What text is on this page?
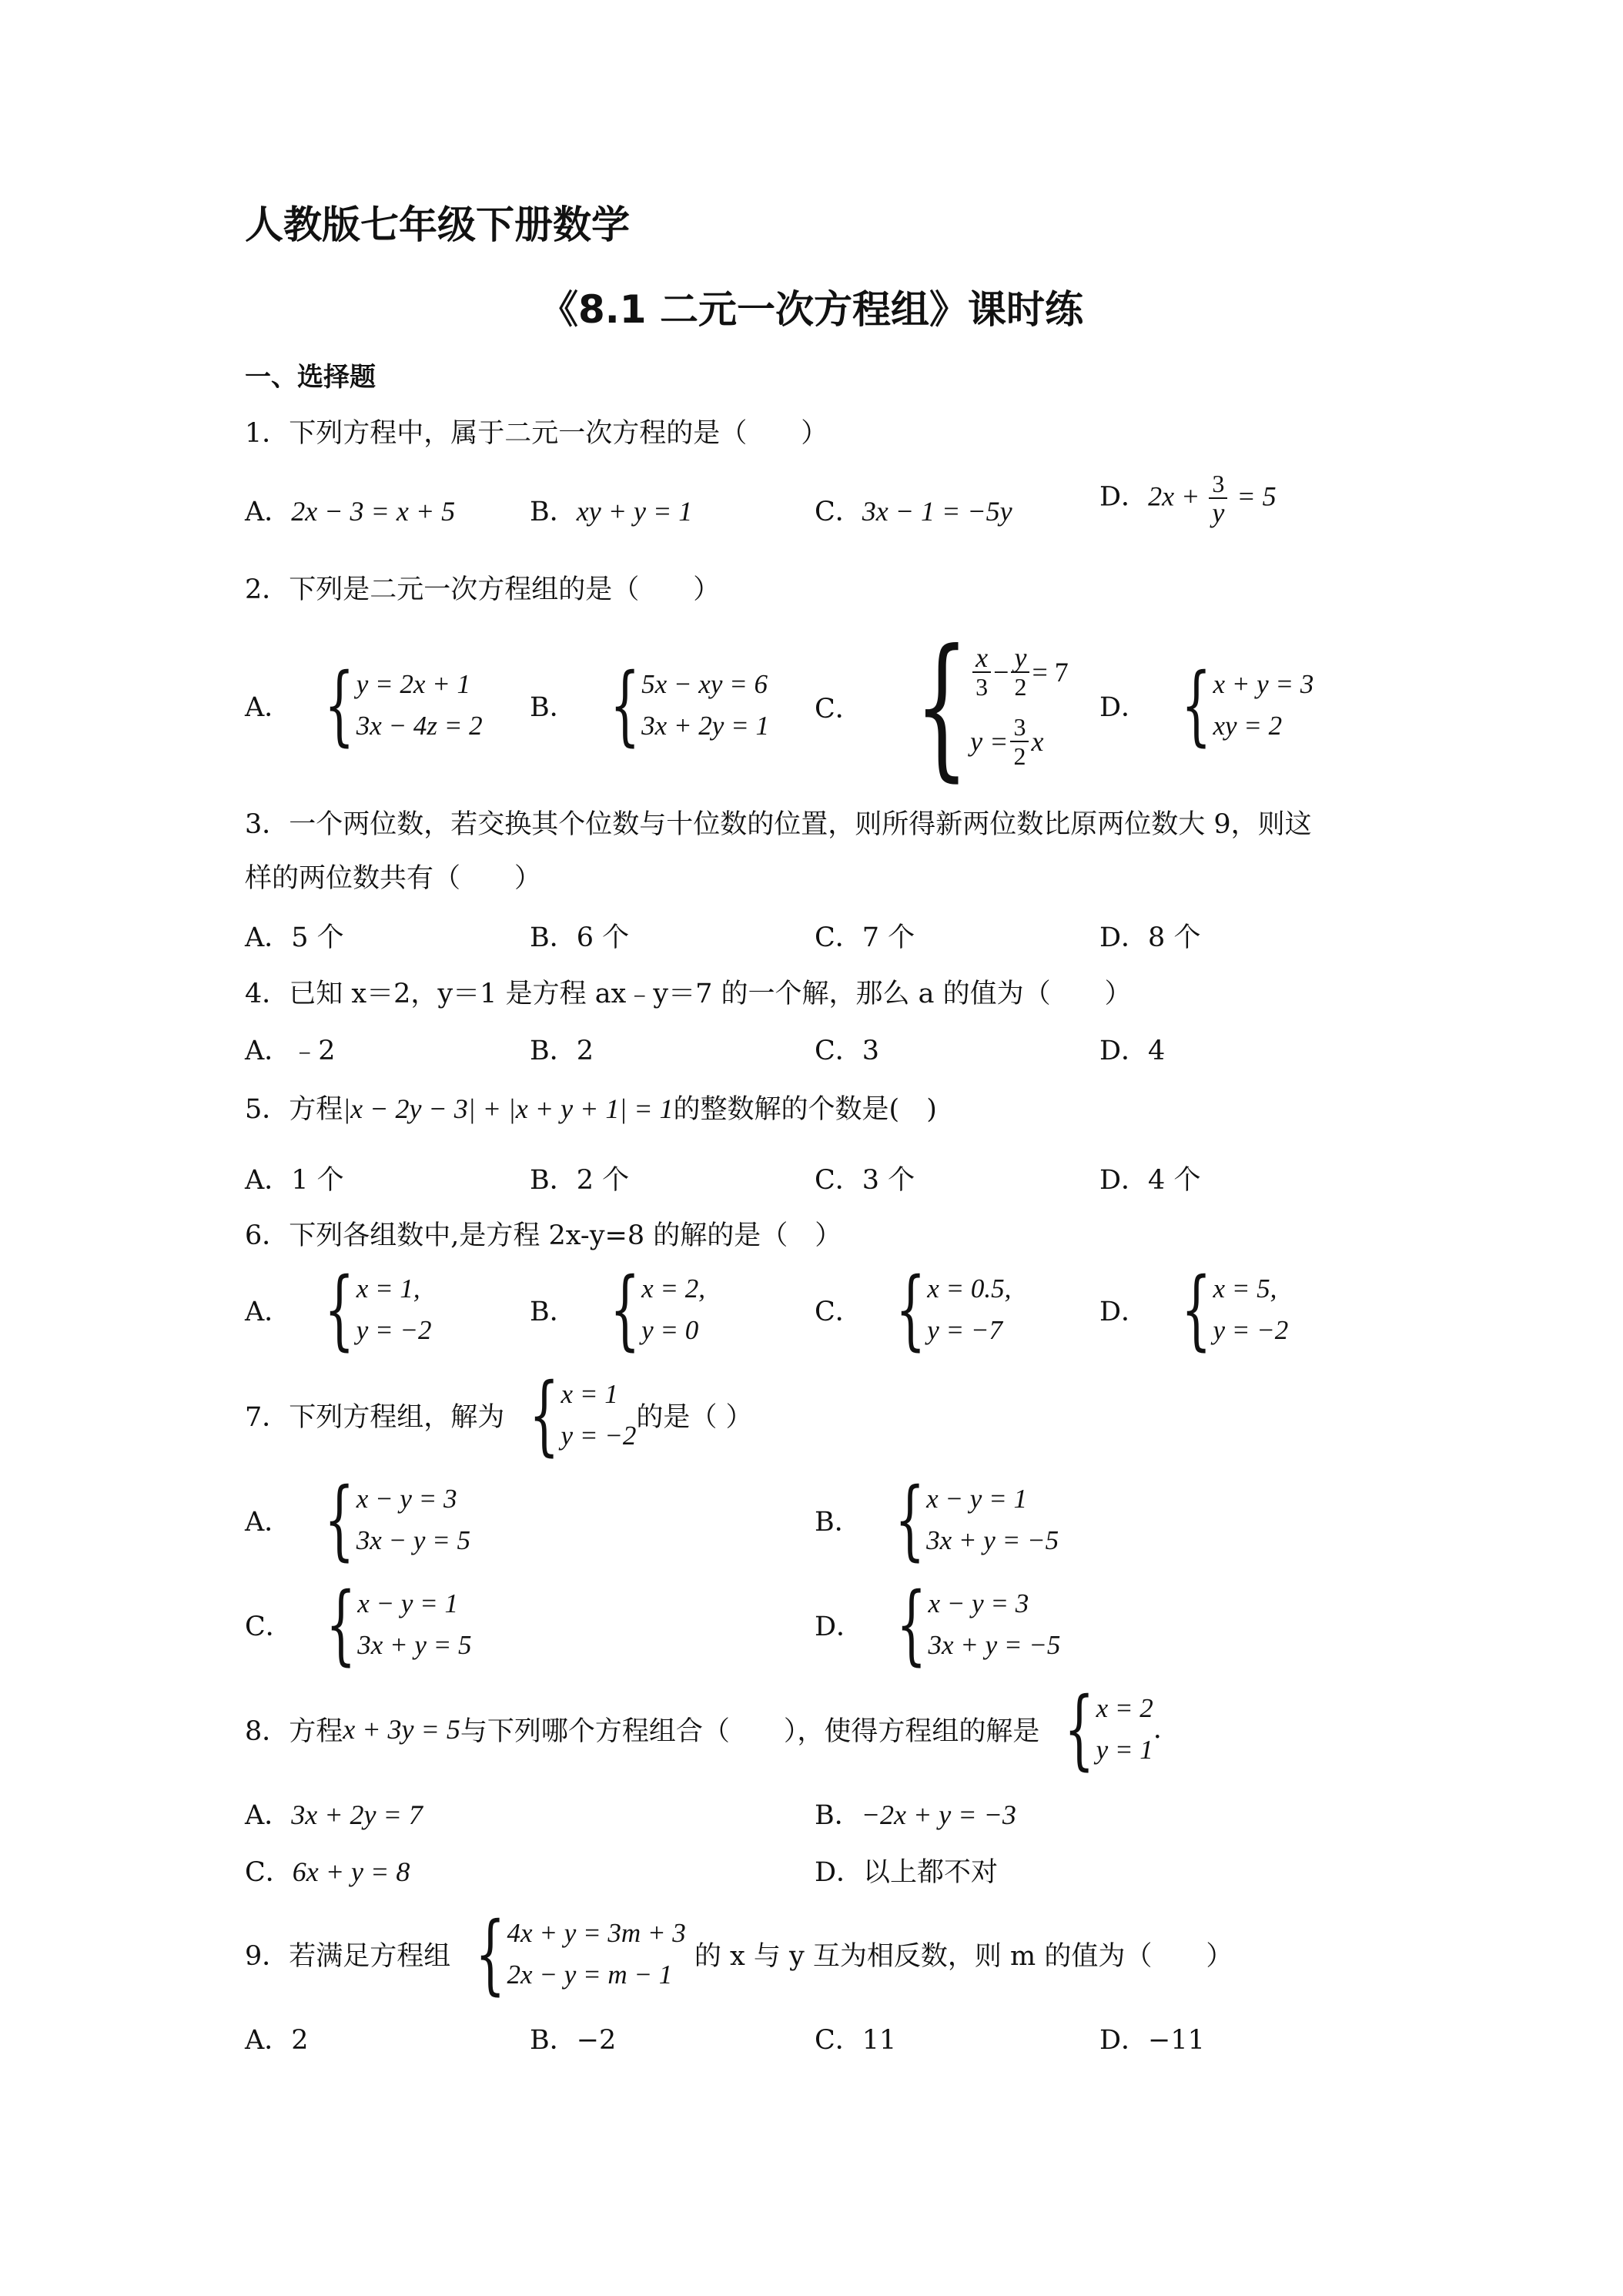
人教版七年级下册数学
《8.1 二元一次方程组》课时练
一、选择题
1．下列方程中，属于二元一次方程的是（　　）
A．2x − 3 = x + 5	B．xy + y = 1	C．3x − 1 = −5y	D．$2x + \frac{3}{y} = 5$
2．下列是二元一次方程组的是（　　）
A． { y = 2x + 1
3x − 4z = 2
B． { 5x − xy = 6
3x + 2y = 1
C． { $\frac{x}{3} - \frac{y}{2} = 7$
$y = \frac{3}{2}$ x
D． { x + y = 3
xy = 2
3．一个两位数，若交换其个位数与十位数的位置，则所得新两位数比原两位数大 9，则这
样的两位数共有（　　）
A．5 个	B．6 个	C．7 个	D．8 个
4．已知 x＝2，y＝1 是方程 ax﹣y＝7 的一个解，那么 a 的值为（　　）
A．﹣2	B．2	C．3	D．4
5．方程|x − 2y − 3| + |x + y + 1| = 1的整数解的个数是(　)
A．1 个	B．2 个	C．3 个	D．4 个
6．下列各组数中,是方程 2x-y=8 的解的是（　）
A． { x = 1,
y = −2
B． { x = 2,
y = 0
C． { x = 0.5,
y = −7
D． { x = 5,
y = −2
7．下列方程组，解为 { x = 1
y = −2
的是（ ）
A． { x − y = 3
3x − y = 5
B． { x − y = 1
3x + y = −5
C． { x − y = 1
3x + y = 5
D． { x − y = 3
3x + y = −5
8．方程x + 3y = 5与下列哪个方程组合（　　），使得方程组的解是 { x = 2
y = 1
.
A．3x + 2y = 7	B．−2x + y = −3
C．6x + y = 8	D．以上都不对
9．若满足方程组 { 4x + y = 3m + 3
2x − y = m − 1
的 x 与 y 互为相反数，则 m 的值为（　　）
A．2	B．−2	C．11	D．−11
